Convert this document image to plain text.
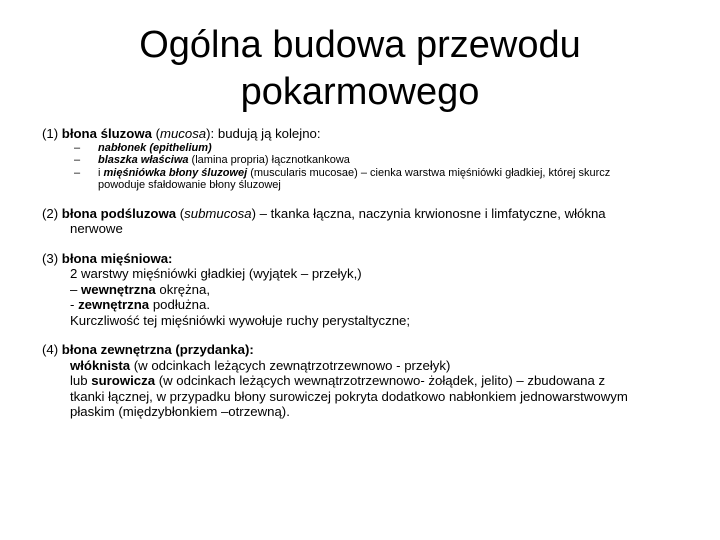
Ogólna budowa przewodu
pokarmowego
(1) błona śluzowa (mucosa): budują ją kolejno:
–	nabłonek (epithelium)
–	blaszka właściwa (lamina propria) łącznotkankowa
–	i mięśniówka błony śluzowej (muscularis mucosae) – cienka warstwa mięśniówki gładkiej, której skurcz
powoduje sfałdowanie błony śluzowej
(2) błona podśluzowa (submucosa) – tkanka łączna, naczynia krwionosne i limfatyczne, włókna
nerwowe
(3) błona mięśniowa:
2 warstwy mięśniówki gładkiej (wyjątek – przełyk,)
– wewnętrzna okrężna,
- zewnętrzna podłużna.
Kurczliwość tej mięśniówki wywołuje ruchy perystaltyczne;
(4) błona zewnętrzna (przydanka):
włóknista (w odcinkach leżących zewnątrzotrzewnowo - przełyk)
lub surowicza (w odcinkach leżących wewnątrzotrzewnowo- żołądek, jelito) – zbudowana z
tkanki łącznej, w przypadku błony surowiczej pokryta dodatkowo nabłonkiem jednowarstwowym
płaskim (międzybłonkiem –otrzewną).
